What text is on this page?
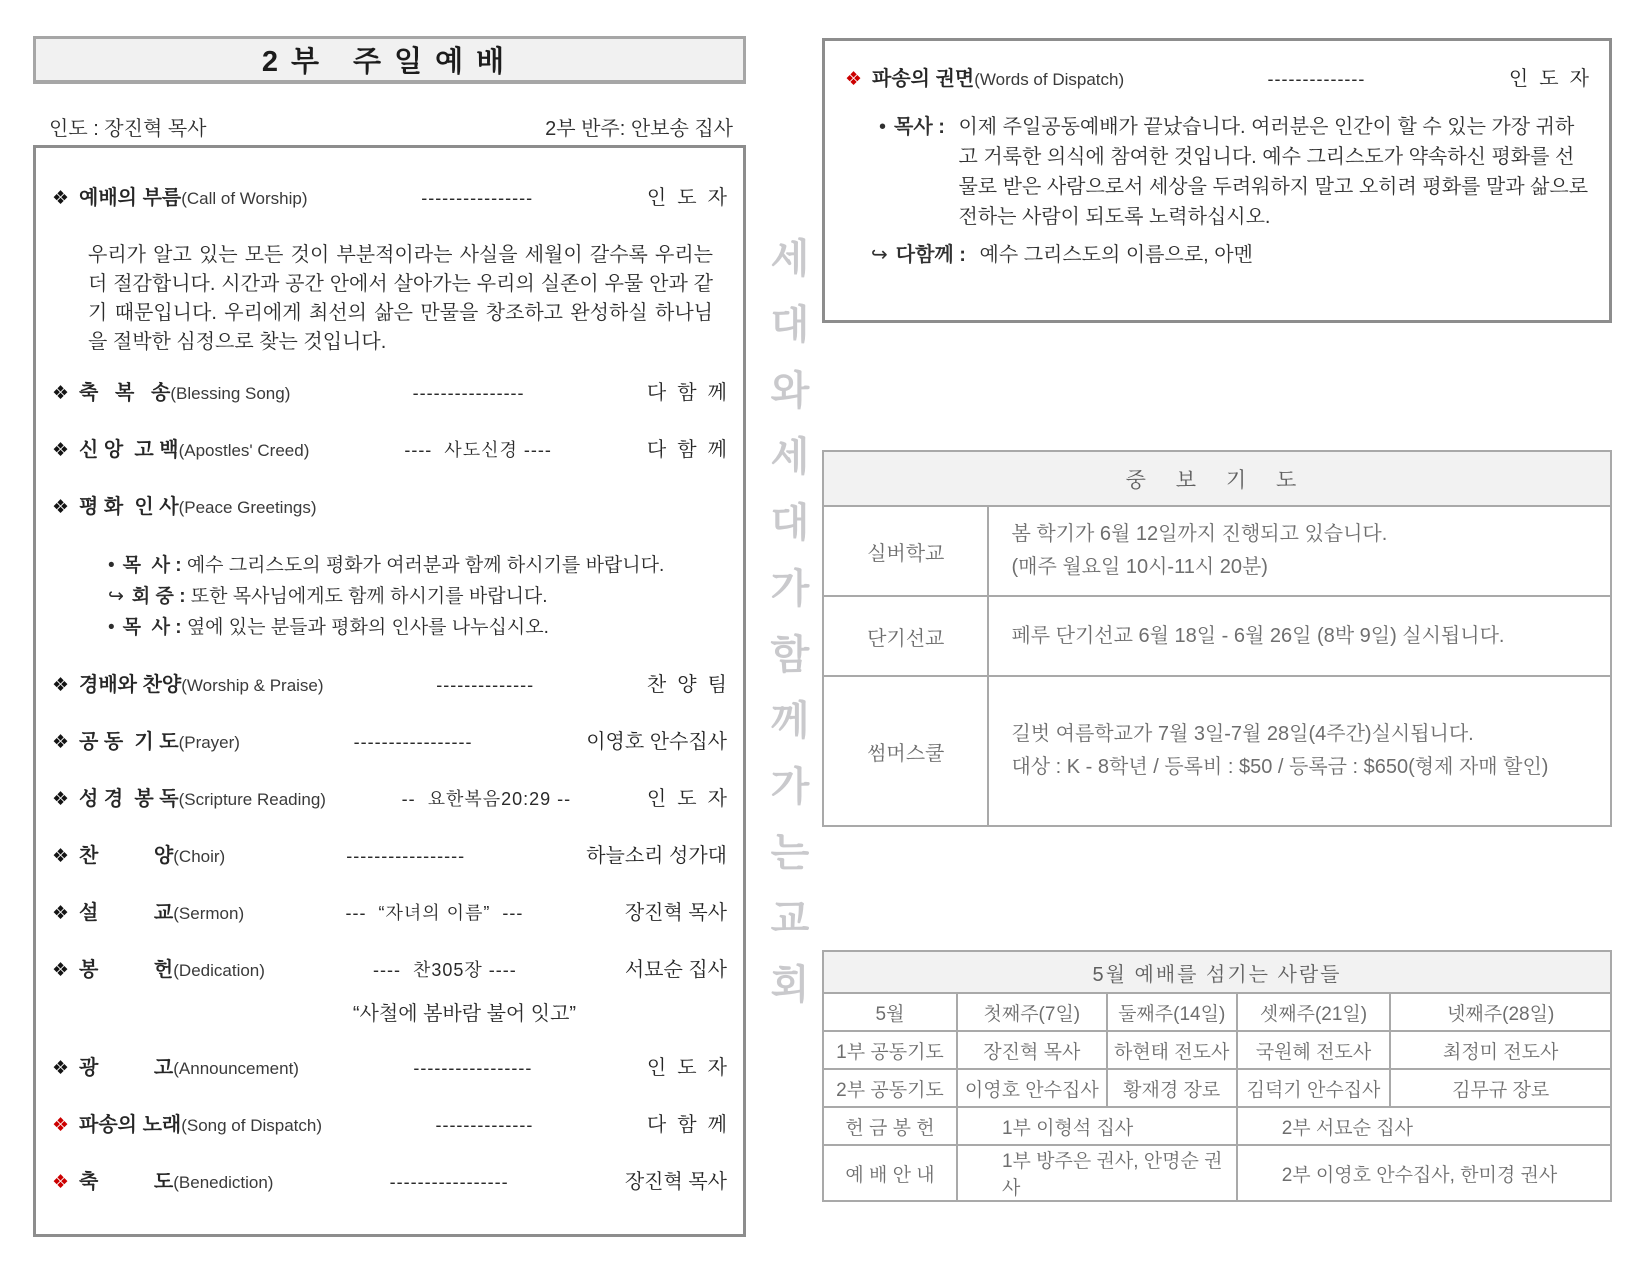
2부 주일예배
인도 : 장진혁 목사	2부 반주: 안보송 집사
❖ 예배의 부름 (Call of Worship)	----------------	인  도  자
우리가 알고 있는 모든 것이 부분적이라는 사실을 세월이 갈수록 우리는 더 절감합니다. 시간과 공간 안에서 살아가는 우리의 실존이 우물 안과 같기 때문입니다. 우리에게 최선의 삶은 만물을 창조하고 완성하실 하나님을 절박한 심정으로 찾는 것입니다.
❖ 축   복   송 (Blessing Song)	----------------	다  함  께
❖ 신 앙  고 백 (Apostles' Creed)	----  사도신경 ----	다  함  께
❖ 평 화  인 사 (Peace Greetings)
• 목  사 : 예수 그리스도의 평화가 여러분과 함께 하시기를 바랍니다.
↪ 회 중 : 또한 목사님에게도 함께 하시기를 바랍니다.
• 목  사 : 옆에 있는 분들과 평화의 인사를 나누십시오.
❖ 경배와 찬양 (Worship & Praise)	--------------	찬  양  팀
❖ 공 동  기 도 (Prayer)	-----------------	이영호 안수집사
❖ 성 경  봉 독 (Scripture Reading)	--  요한복음20:29 --	인  도  자
❖ 찬          양 (Choir)	-----------------	하늘소리 성가대
❖ 설          교 (Sermon)	---  “자녀의 이름”  ---	장진혁 목사
❖ 봉          헌 (Dedication)	----  찬305장 ----	서묘순 집사
“사철에 봄바람 불어 잇고”
❖ 광          고 (Announcement)	-----------------	인  도  자
❖ 파송의 노래 (Song of Dispatch)	--------------	다  함  께
❖ 축          도 (Benediction)	-----------------	장진혁 목사
세대와세대가함께가는교회
❖ 파송의 권면 (Words of Dispatch)	--------------	인  도  자
• 목사 : 이제 주일공동예배가 끝났습니다. 여러분은 인간이 할 수 있는 가장 귀하고 거룩한 의식에 참여한 것입니다. 예수 그리스도가 약속하신 평화를 선물로 받은 사람으로서 세상을 두려워하지 말고 오히려 평화를 말과 삶으로 전하는 사람이 되도록 노력하십시오.
↪ 다함께 : 예수 그리스도의 이름으로, 아멘
중 보 기 도	
실버학교	봄 학기가 6월 12일까지 진행되고 있습니다.
(매주 월요일 10시-11시 20분)

단기선교	페루 단기선교 6월 18일 - 6월 26일 (8박 9일) 실시됩니다.

썸머스쿨	길벗 여름학교가 7월 3일-7월 28일(4주간)실시됩니다.
대상 : K - 8학년 / 등록비 : $50 / 등록금 : $650(형제 자매 할인)
5월 예배를 섬기는 사람들				
5월	첫째주(7일)	둘째주(14일)	셋째주(21일)	넷째주(28일)
1부 공동기도	장진혁 목사	하현태 전도사	국원혜 전도사	최정미 전도사
2부 공동기도	이영호 안수집사	황재경 장로	김덕기 안수집사	김무규 장로
헌 금 봉 헌	1부 이형석 집사		2부 서묘순 집사	
예 배 안 내	1부 방주은 권사, 안명순 권사		2부 이영호 안수집사, 한미경 권사	
